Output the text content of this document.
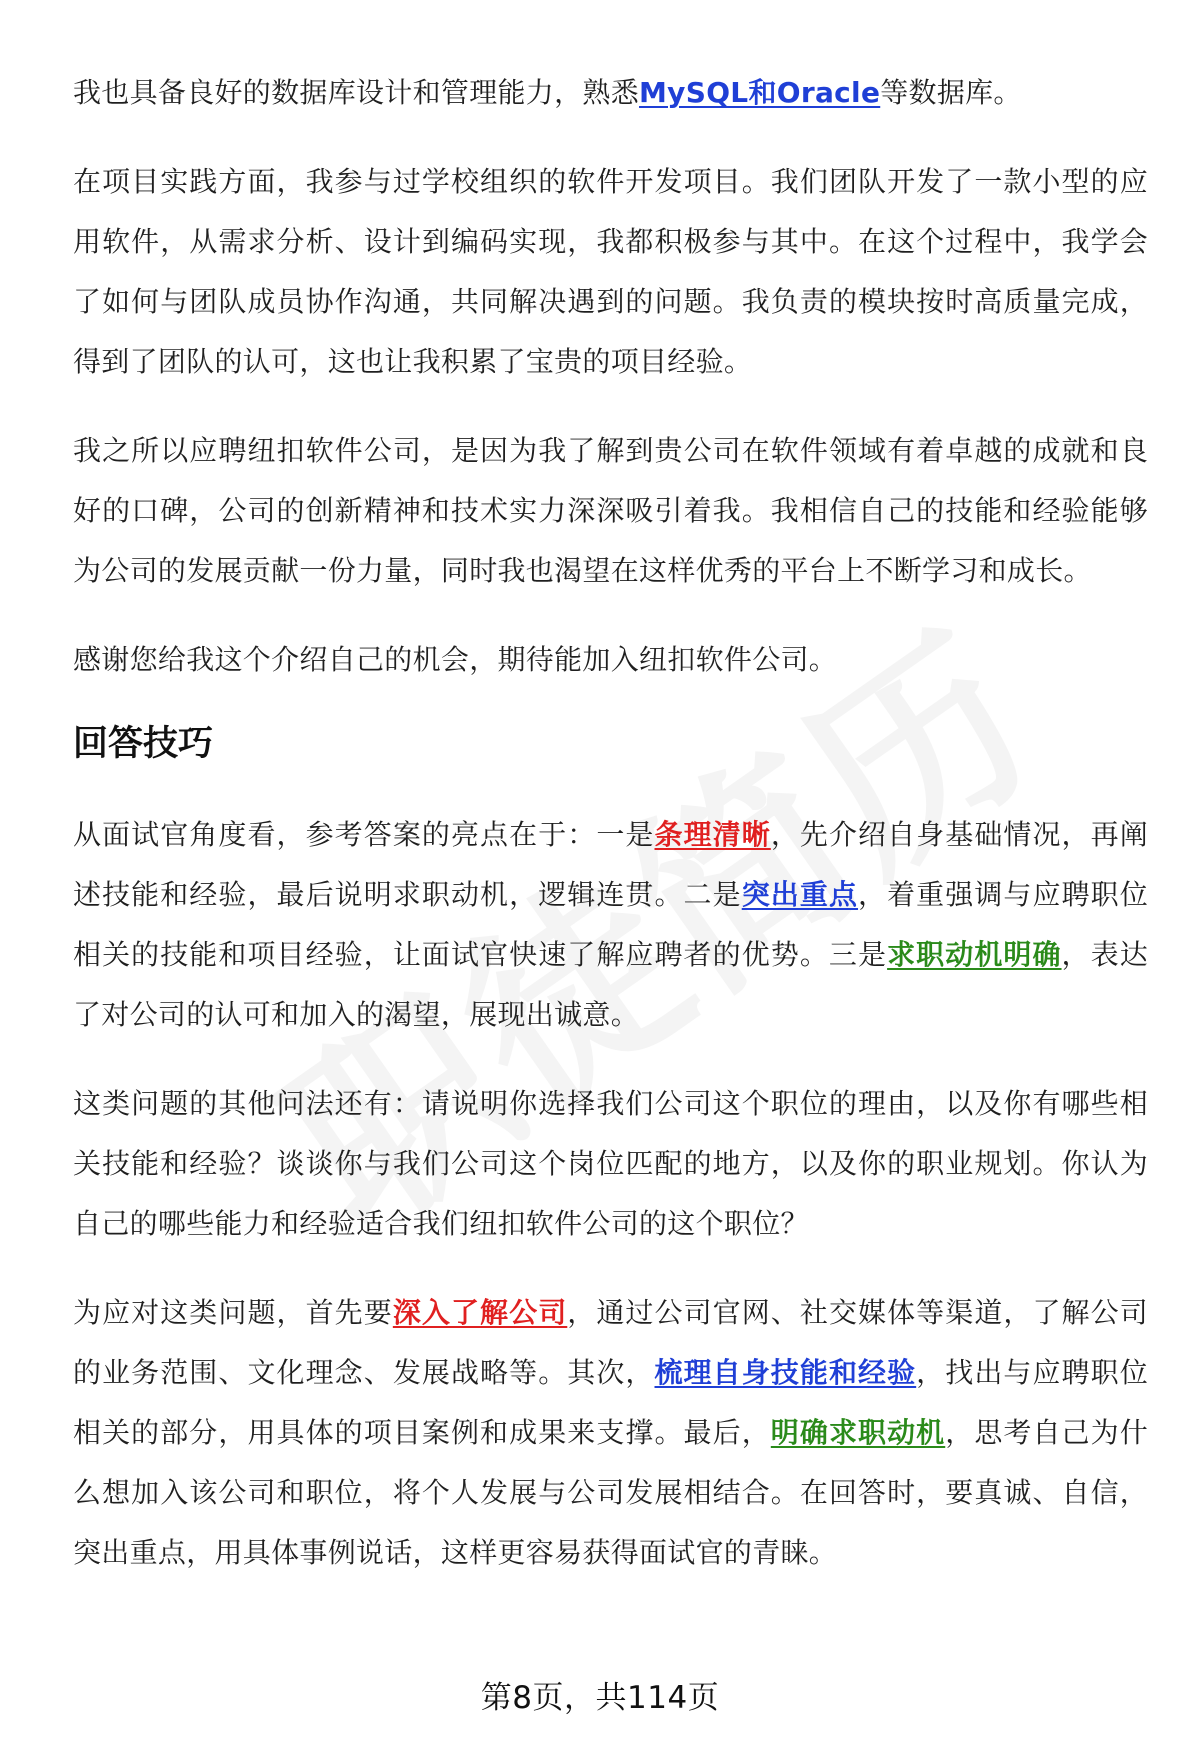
我也具备良好的数据库设计和管理能力，熟悉MySQL和Oracle等数据库。

在项目实践方面，我参与过学校组织的软件开发项目。我们团队开发了一款小型的应用软件，从需求分析、设计到编码实现，我都积极参与其中。在这个过程中，我学会了如何与团队成员协作沟通，共同解决遇到的问题。我负责的模块按时高质量完成，得到了团队的认可，这也让我积累了宝贵的项目经验。

我之所以应聘纽扣软件公司，是因为我了解到贵公司在软件领域有着卓越的成就和良好的口碑，公司的创新精神和技术实力深深吸引着我。我相信自己的技能和经验能够为公司的发展贡献一份力量，同时我也渴望在这样优秀的平台上不断学习和成长。

感谢您给我这个介绍自己的机会，期待能加入纽扣软件公司。

回答技巧

从面试官角度看，参考答案的亮点在于：一是条理清晰，先介绍自身基础情况，再阐述技能和经验，最后说明求职动机，逻辑连贯。二是突出重点，着重强调与应聘职位相关的技能和项目经验，让面试官快速了解应聘者的优势。三是求职动机明确，表达了对公司的认可和加入的渴望，展现出诚意。

这类问题的其他问法还有：请说明你选择我们公司这个职位的理由，以及你有哪些相关技能和经验？谈谈你与我们公司这个岗位匹配的地方，以及你的职业规划。你认为自己的哪些能力和经验适合我们纽扣软件公司的这个职位？

为应对这类问题，首先要深入了解公司，通过公司官网、社交媒体等渠道，了解公司的业务范围、文化理念、发展战略等。其次，梳理自身技能和经验，找出与应聘职位相关的部分，用具体的项目案例和成果来支撑。最后，明确求职动机，思考自己为什么想加入该公司和职位，将个人发展与公司发展相结合。在回答时，要真诚、自信，突出重点，用具体事例说话，这样更容易获得面试官的青睐。

第8页，共114页
